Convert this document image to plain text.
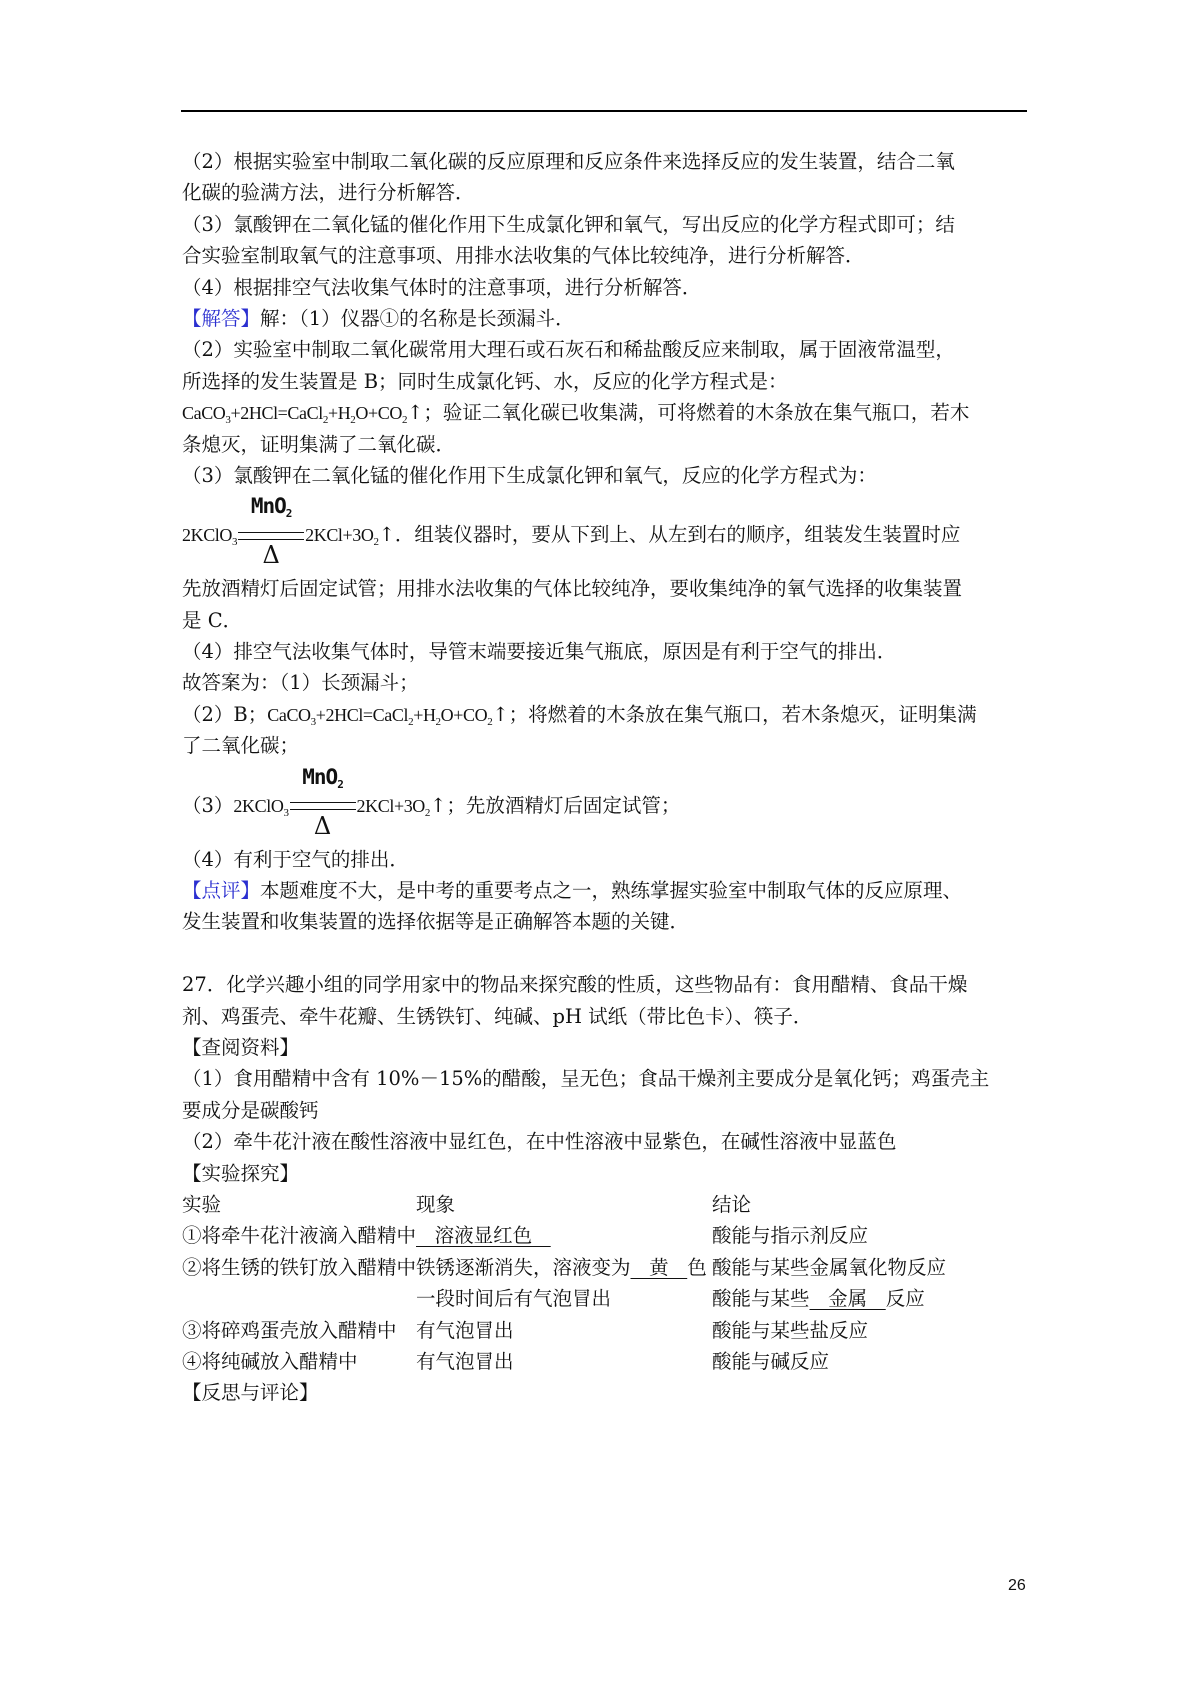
（2）根据实验室中制取二氧化碳的反应原理和反应条件来选择反应的发生装置，结合二氧
化碳的验满方法，进行分析解答．
（3）氯酸钾在二氧化锰的催化作用下生成氯化钾和氧气，写出反应的化学方程式即可；结
合实验室制取氧气的注意事项、用排水法收集的气体比较纯净，进行分析解答．
（4）根据排空气法收集气体时的注意事项，进行分析解答．
【解答】解：（1）仪器①的名称是长颈漏斗．
（2）实验室中制取二氧化碳常用大理石或石灰石和稀盐酸反应来制取，属于固液常温型，
所选择的发生装置是 B；同时生成氯化钙、水，反应的化学方程式是：
$CaCO_3+2HCl=CaCl_2+H_2O+CO_2↑$；验证二氧化碳已收集满，可将燃着的木条放在集气瓶口，若木
条熄灭，证明集满了二氧化碳．
（3）氯酸钾在二氧化锰的催化作用下生成氯化钾和氧气，反应的化学方程式为：
2KClO$_3$
MnO$_2$
Δ
$2KCl+3O_2↑$．组装仪器时，要从下到上、从左到右的顺序，组装发生装置时应
先放酒精灯后固定试管；用排水法收集的气体比较纯净，要收集纯净的氧气选择的收集装置
是 C．
（4）排空气法收集气体时，导管末端要接近集气瓶底，原因是有利于空气的排出．
故答案为：（1）长颈漏斗；
（2）B；$CaCO_3+2HCl=CaCl_2+H_2O+CO_2↑$；将燃着的木条放在集气瓶口，若木条熄灭，证明集满
了二氧化碳；
（3）2KClO$_3$
MnO$_2$
Δ
$2KCl+3O_2↑$；先放酒精灯后固定试管；
（4）有利于空气的排出．
【点评】本题难度不大，是中考的重要考点之一，熟练掌握实验室中制取气体的反应原理、
发生装置和收集装置的选择依据等是正确解答本题的关键．
27．化学兴趣小组的同学用家中的物品来探究酸的性质，这些物品有：食用醋精、食品干燥
剂、鸡蛋壳、牵牛花瓣、生锈铁钉、纯碱、pH 试纸（带比色卡）、筷子．
【查阅资料】
（1）食用醋精中含有 10%－15%的醋酸，呈无色；食品干燥剂主要成分是氧化钙；鸡蛋壳主
要成分是碳酸钙
（2）牵牛花汁液在酸性溶液中显红色，在中性溶液中显紫色，在碱性溶液中显蓝色
【实验探究】
实验	现象	结论
①将牵牛花汁液滴入醋精中	溶液显红色	酸能与指示剂反应
②将生锈的铁钉放入醋精中	铁锈逐渐消失，溶液变为   黄   色	酸能与某些金属氧化物反应
	一段时间后有气泡冒出	酸能与某些   金属   反应
③将碎鸡蛋壳放入醋精中	有气泡冒出	酸能与某些盐反应
④将纯碱放入醋精中	有气泡冒出	酸能与碱反应
【反思与评论】
26
